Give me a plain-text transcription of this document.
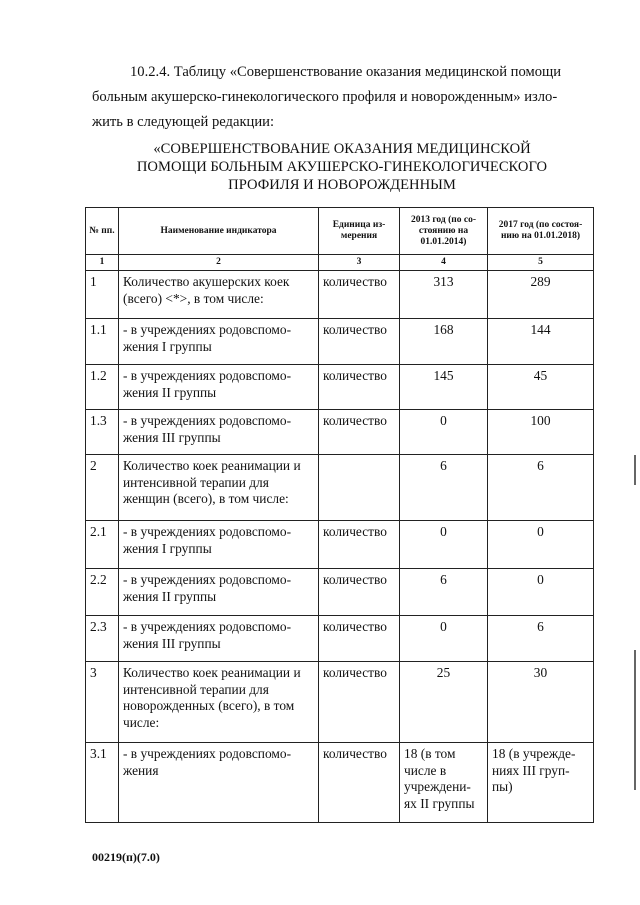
10.2.4. Таблицу «Совершенствование оказания медицинской помощи
больным акушерско-гинекологического профиля и новорожденным» изло-
жить в следующей редакции:
«СОВЕРШЕНСТВОВАНИЕ ОКАЗАНИЯ МЕДИЦИНСКОЙ
ПОМОЩИ БОЛЬНЫМ АКУШЕРСКО-ГИНЕКОЛОГИЧЕСКОГО
ПРОФИЛЯ И НОВОРОЖДЕННЫМ
№ пп.	Наименование индикатора	Единица из-мерения	2013 год (по со-стоянию на 01.01.2014)	2017 год (по состоя-нию на 01.01.2018)
1	2	3	4	5
1	Количество акушерских коек (всего) <*>, в том числе:	количество	313	289
1.1	- в учреждениях родовспомо-жения I группы	количество	168	144
1.2	- в учреждениях родовспомо-жения II группы	количество	145	45
1.3	- в учреждениях родовспомо-жения III группы	количество	0	100
2	Количество коек реанимации и интенсивной терапии для женщин (всего), в том числе:		6	6
2.1	- в учреждениях родовспомо-жения I группы	количество	0	0
2.2	- в учреждениях родовспомо-жения II группы	количество	6	0
2.3	- в учреждениях родовспомо-жения III группы	количество	0	6
3	Количество коек реанимации и интенсивной терапии для новорожденных (всего), в том числе:	количество	25	30
3.1	- в учреждениях родовспомо-жения	количество	18 (в том числе в учреждени-ях II группы	18 (в учрежде-ниях III груп-пы)
00219(п)(7.0)
